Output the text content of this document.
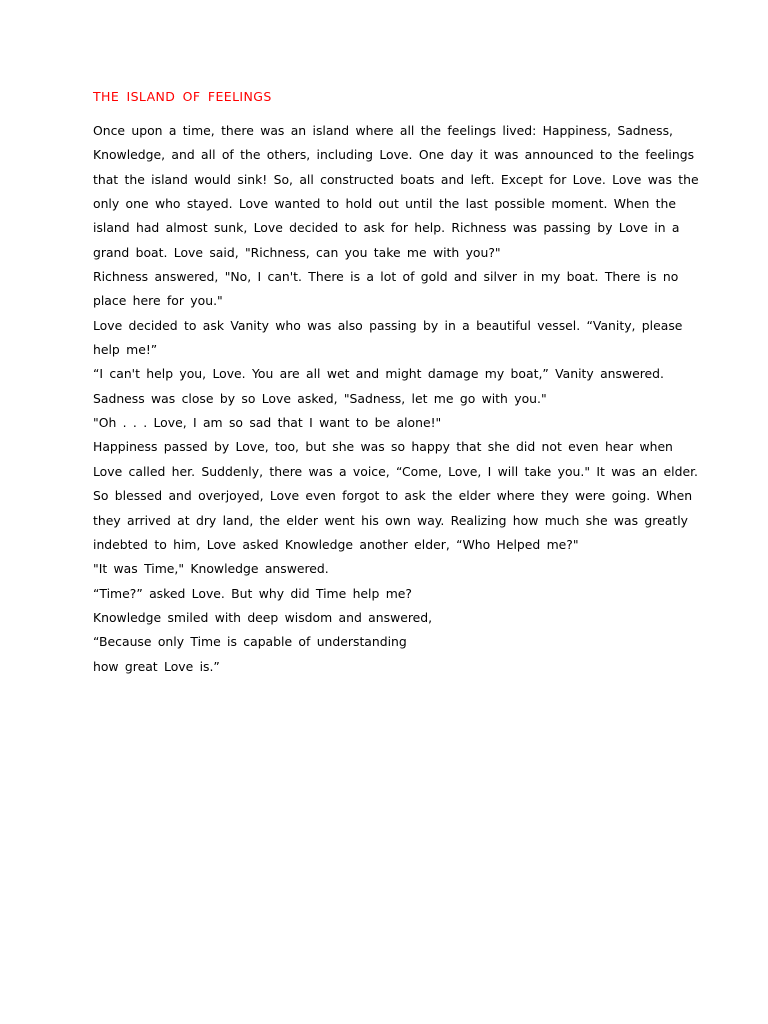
THE ISLAND OF FEELINGS
Once upon a time, there was an island where all the feelings lived: Happiness, Sadness,
Knowledge, and all of the others, including Love. One day it was announced to the feelings
that the island would sink! So, all constructed boats and left. Except for Love. Love was the
only one who stayed. Love wanted to hold out until the last possible moment. When the
island had almost sunk, Love decided to ask for help. Richness was passing by Love in a
grand boat. Love said, "Richness, can you take me with you?"
Richness answered, "No, I can't. There is a lot of gold and silver in my boat. There is no
place here for you."
Love decided to ask Vanity who was also passing by in a beautiful vessel. “Vanity, please
help me!”
“I can't help you, Love. You are all wet and might damage my boat,” Vanity answered.
Sadness was close by so Love asked, "Sadness, let me go with you."
"Oh . . . Love, I am so sad that I want to be alone!"
Happiness passed by Love, too, but she was so happy that she did not even hear when
Love called her. Suddenly, there was a voice, “Come, Love, I will take you." It was an elder.
So blessed and overjoyed, Love even forgot to ask the elder where they were going. When
they arrived at dry land, the elder went his own way. Realizing how much she was greatly
indebted to him, Love asked Knowledge another elder, “Who Helped me?"
"It was Time," Knowledge answered.
“Time?” asked Love. But why did Time help me?
Knowledge smiled with deep wisdom and answered,
“Because only Time is capable of understanding
how great Love is.”
